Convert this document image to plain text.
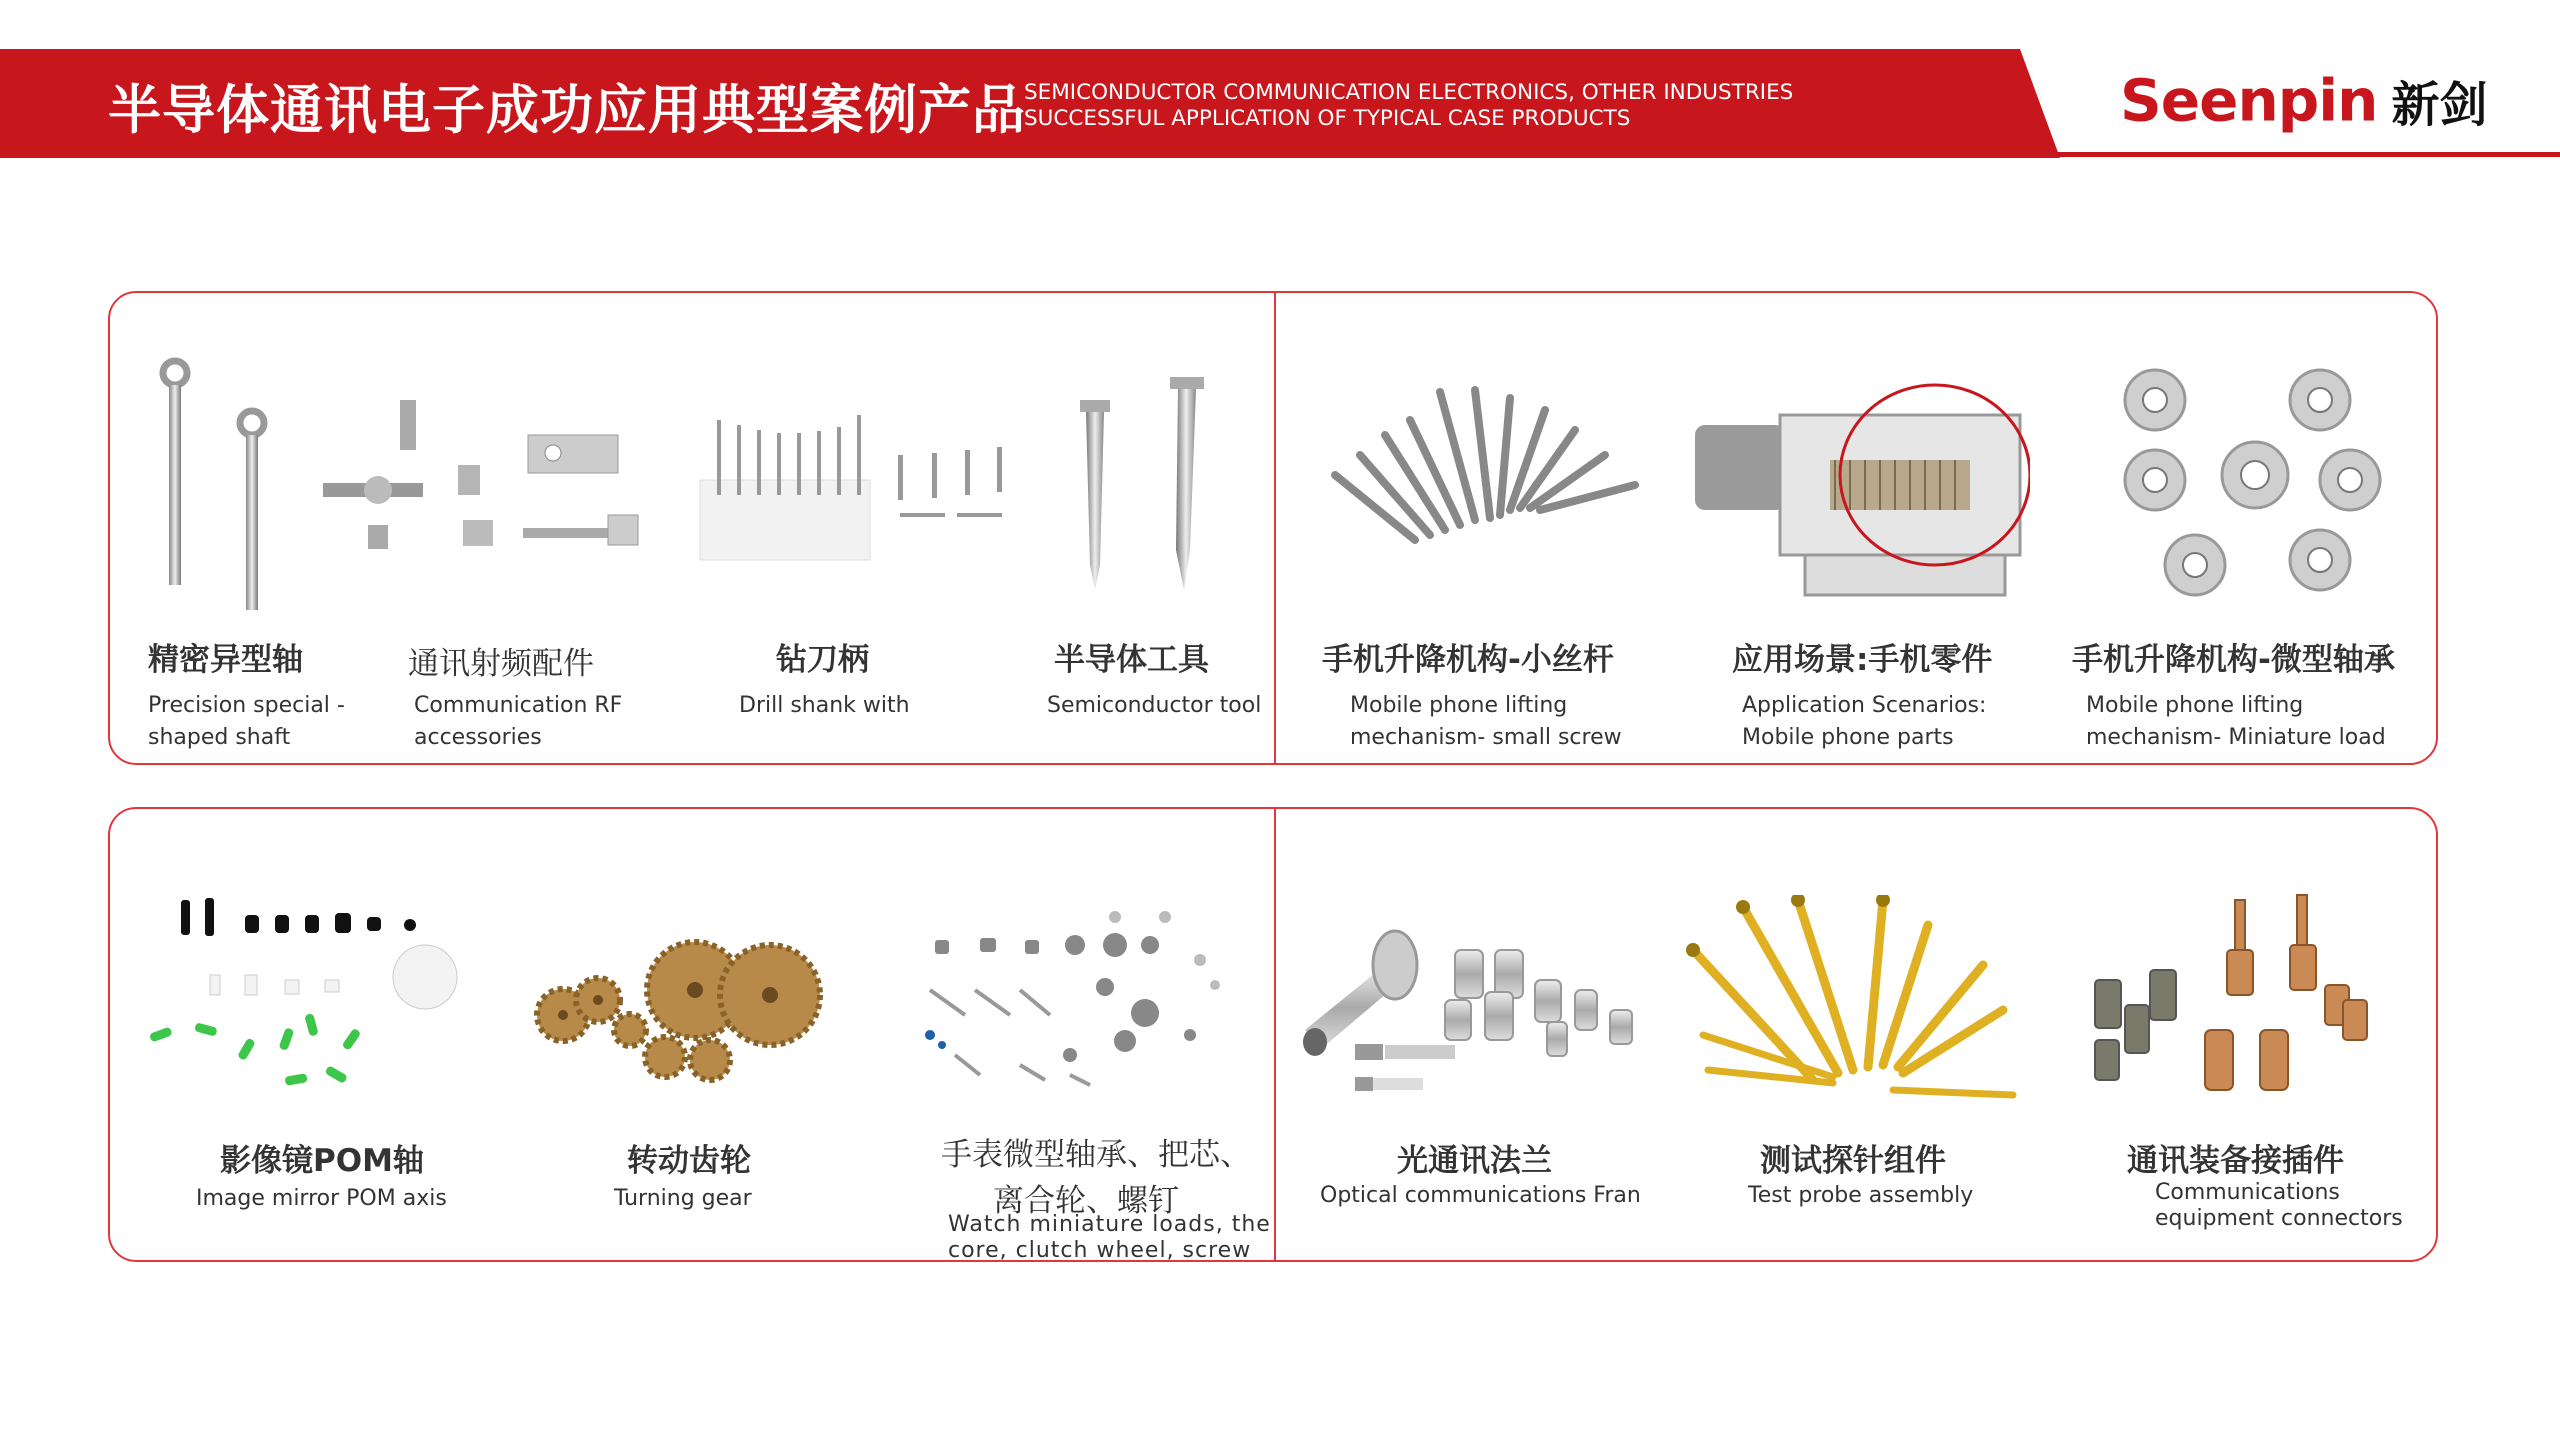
半导体通讯电子成功应用典型案例产品
SEMICONDUCTOR COMMUNICATION ELECTRONICS, OTHER INDUSTRIES
SUCCESSFUL APPLICATION OF TYPICAL CASE PRODUCTS	Seenpin 新剑
精密异型轴
Precision special -shaped shaft
通讯射频配件
Communication RF accessories
钻刀柄
Drill shank with
半导体工具
Semiconductor tool
手机升降机构-小丝杆
Mobile phone lifting mechanism- small screw
应用场景:手机零件
Application Scenarios: Mobile phone parts
手机升降机构-微型轴承
Mobile phone lifting mechanism- Miniature load
影像镜POM轴
Image mirror POM axis
转动齿轮
Turning gear
手表微型轴承、把芯、
离合轮、螺钉
Watch miniature loads, the core, clutch wheel, screw
光通讯法兰
Optical communications Fran
测试探针组件
Test probe assembly
通讯装备接插件
Communications equipment connectors
